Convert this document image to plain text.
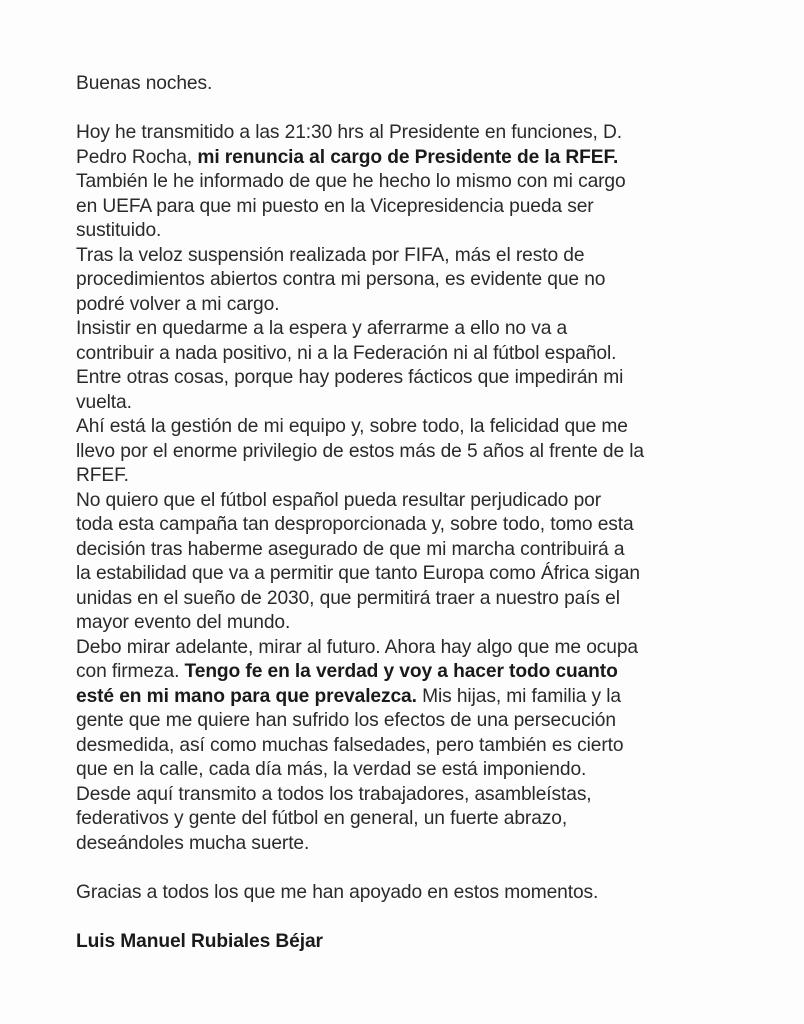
Buenas noches.
Hoy he transmitido a las 21:30 hrs al Presidente en funciones, D.
Pedro Rocha, mi renuncia al cargo de Presidente de la RFEF.
También le he informado de que he hecho lo mismo con mi cargo
en UEFA para que mi puesto en la Vicepresidencia pueda ser
sustituido.
Tras la veloz suspensión realizada por FIFA, más el resto de
procedimientos abiertos contra mi persona, es evidente que no
podré volver a mi cargo.
Insistir en quedarme a la espera y aferrarme a ello no va a
contribuir a nada positivo, ni a la Federación ni al fútbol español.
Entre otras cosas, porque hay poderes fácticos que impedirán mi
vuelta.
Ahí está la gestión de mi equipo y, sobre todo, la felicidad que me
llevo por el enorme privilegio de estos más de 5 años al frente de la
RFEF.
No quiero que el fútbol español pueda resultar perjudicado por
toda esta campaña tan desproporcionada y, sobre todo, tomo esta
decisión tras haberme asegurado de que mi marcha contribuirá a
la estabilidad que va a permitir que tanto Europa como África sigan
unidas en el sueño de 2030, que permitirá traer a nuestro país el
mayor evento del mundo.
Debo mirar adelante, mirar al futuro. Ahora hay algo que me ocupa
con firmeza. Tengo fe en la verdad y voy a hacer todo cuanto
esté en mi mano para que prevalezca. Mis hijas, mi familia y la
gente que me quiere han sufrido los efectos de una persecución
desmedida, así como muchas falsedades, pero también es cierto
que en la calle, cada día más, la verdad se está imponiendo.
Desde aquí transmito a todos los trabajadores, asambleístas,
federativos y gente del fútbol en general, un fuerte abrazo,
deseándoles mucha suerte.
Gracias a todos los que me han apoyado en estos momentos.
Luis Manuel Rubiales Béjar
